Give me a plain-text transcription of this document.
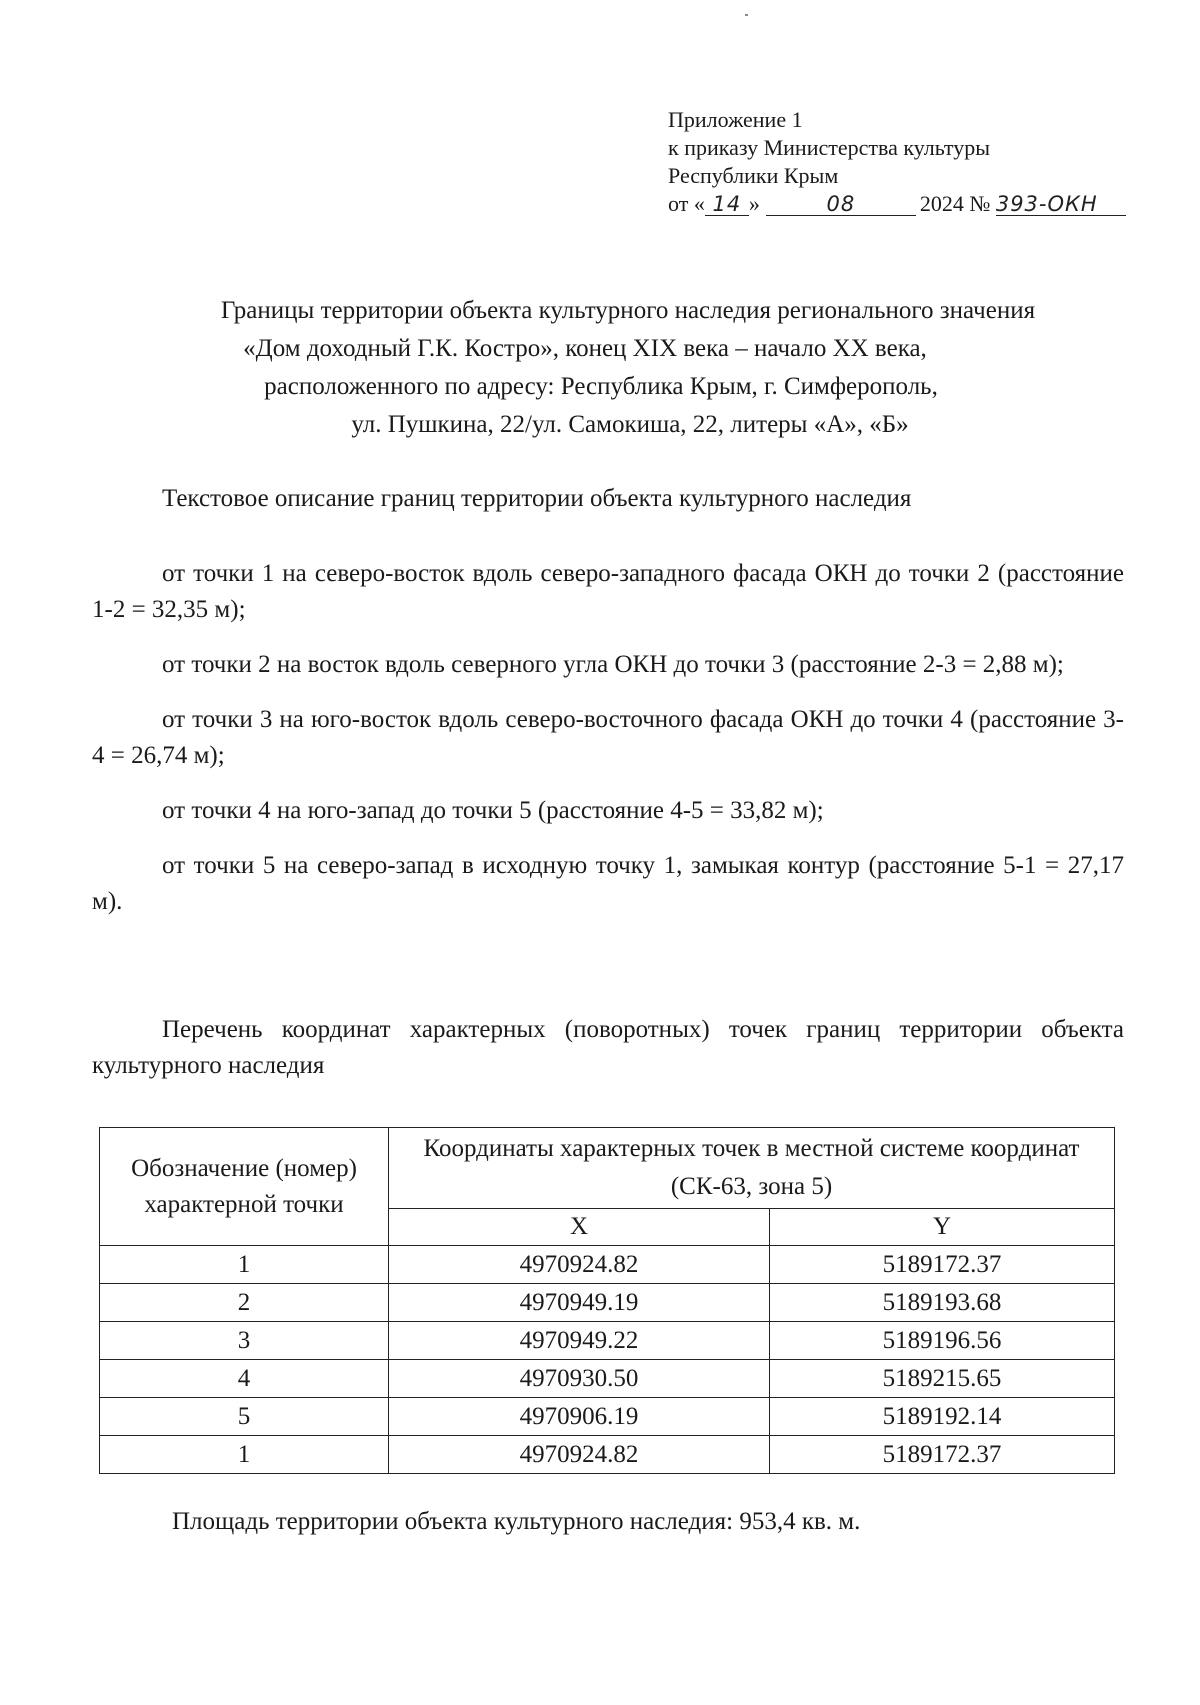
Приложение 1
к приказу Министерства культуры
Республики Крым
от « 14 »	08	2024 № 393-ОКН
Границы территории объекта культурного наследия регионального значения
«Дом доходный Г.К. Костро», конец XIX века – начало XX века,
расположенного по адресу: Республика Крым, г. Симферополь,
ул. Пушкина, 22/ул. Самокиша, 22, литеры «А», «Б»
Текстовое описание границ территории объекта культурного наследия

от точки 1 на северо-восток вдоль северо-западного фасада ОКН до точки 2 (расстояние 1-2 = 32,35 м);

от точки 2 на восток вдоль северного угла ОКН до точки 3 (расстояние 2-3 = 2,88 м);

от точки 3 на юго-восток вдоль северо-восточного фасада ОКН до точки 4 (расстояние 3-4 = 26,74 м);

от точки 4 на юго-запад до точки 5 (расстояние 4-5 = 33,82 м);

от точки 5 на северо-запад в исходную точку 1, замыкая контур (расстояние 5-1 = 27,17 м).

Перечень координат характерных (поворотных) точек границ территории объекта культурного наследия
Обозначение (номер) характерной точки	Координаты характерных точек в местной системе координат (СК-63, зона 5)	
	X	Y
1	4970924.82	5189172.37
2	4970949.19	5189193.68
3	4970949.22	5189196.56
4	4970930.50	5189215.65
5	4970906.19	5189192.14
1	4970924.82	5189172.37
Площадь территории объекта культурного наследия: 953,4 кв. м.
